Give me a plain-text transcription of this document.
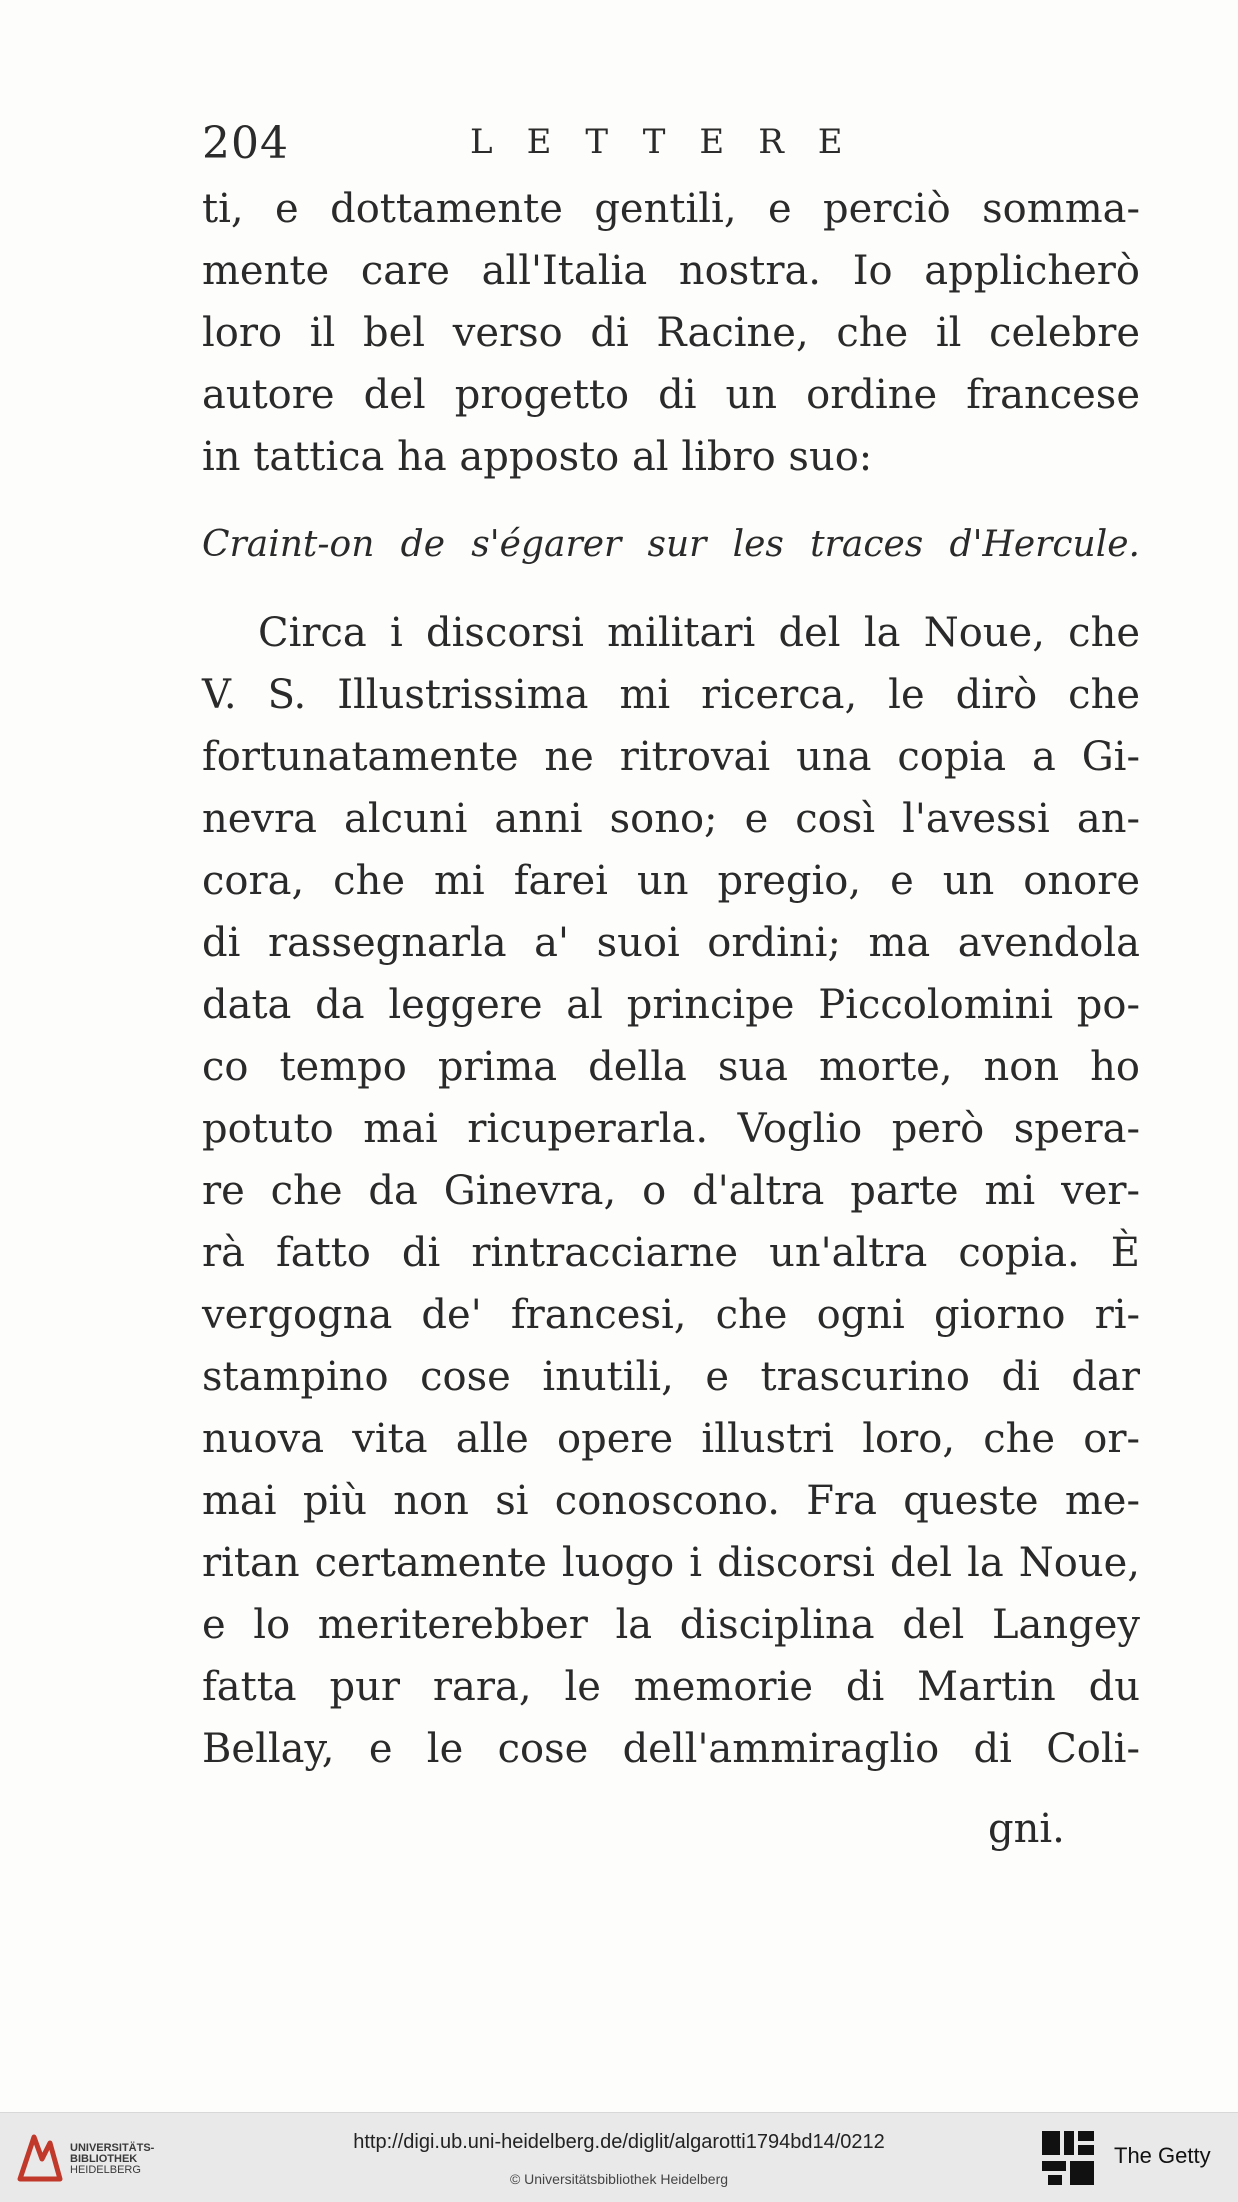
204	LETTERE
ti, e dottamente gentili, e perciò somma-
mente care all'Italia nostra. Io applicherò
loro il bel verso di Racine, che il celebre
autore del progetto di un ordine francese
in tattica ha apposto al libro suo:
Craint-on de s'égarer sur les traces d'Hercule.
Circa i discorsi militari del la Noue, che
V. S. Illustrissima mi ricerca, le dirò che
fortunatamente ne ritrovai una copia a Gi-
nevra alcuni anni sono; e così l'avessi an-
cora, che mi farei un pregio, e un onore
di rassegnarla a' suoi ordini; ma avendola
data da leggere al principe Piccolomini po-
co tempo prima della sua morte, non ho
potuto mai ricuperarla. Voglio però spera-
re che da Ginevra, o d'altra parte mi ver-
rà fatto di rintracciarne un'altra copia. È
vergogna de' francesi, che ogni giorno ri-
stampino cose inutili, e trascurino di dar
nuova vita alle opere illustri loro, che or-
mai più non si conoscono. Fra queste me-
ritan certamente luogo i discorsi del la Noue,
e lo meriterebber la disciplina del Langey
fatta pur rara, le memorie di Martin du
Bellay, e le cose dell'ammiraglio di Coli-
gni.
UNIVERSITÄTS-
BIBLIOTHEK
HEIDELBERG
http://digi.ub.uni-heidelberg.de/diglit/algarotti1794bd14/0212
© Universitätsbibliothek Heidelberg
The Getty
